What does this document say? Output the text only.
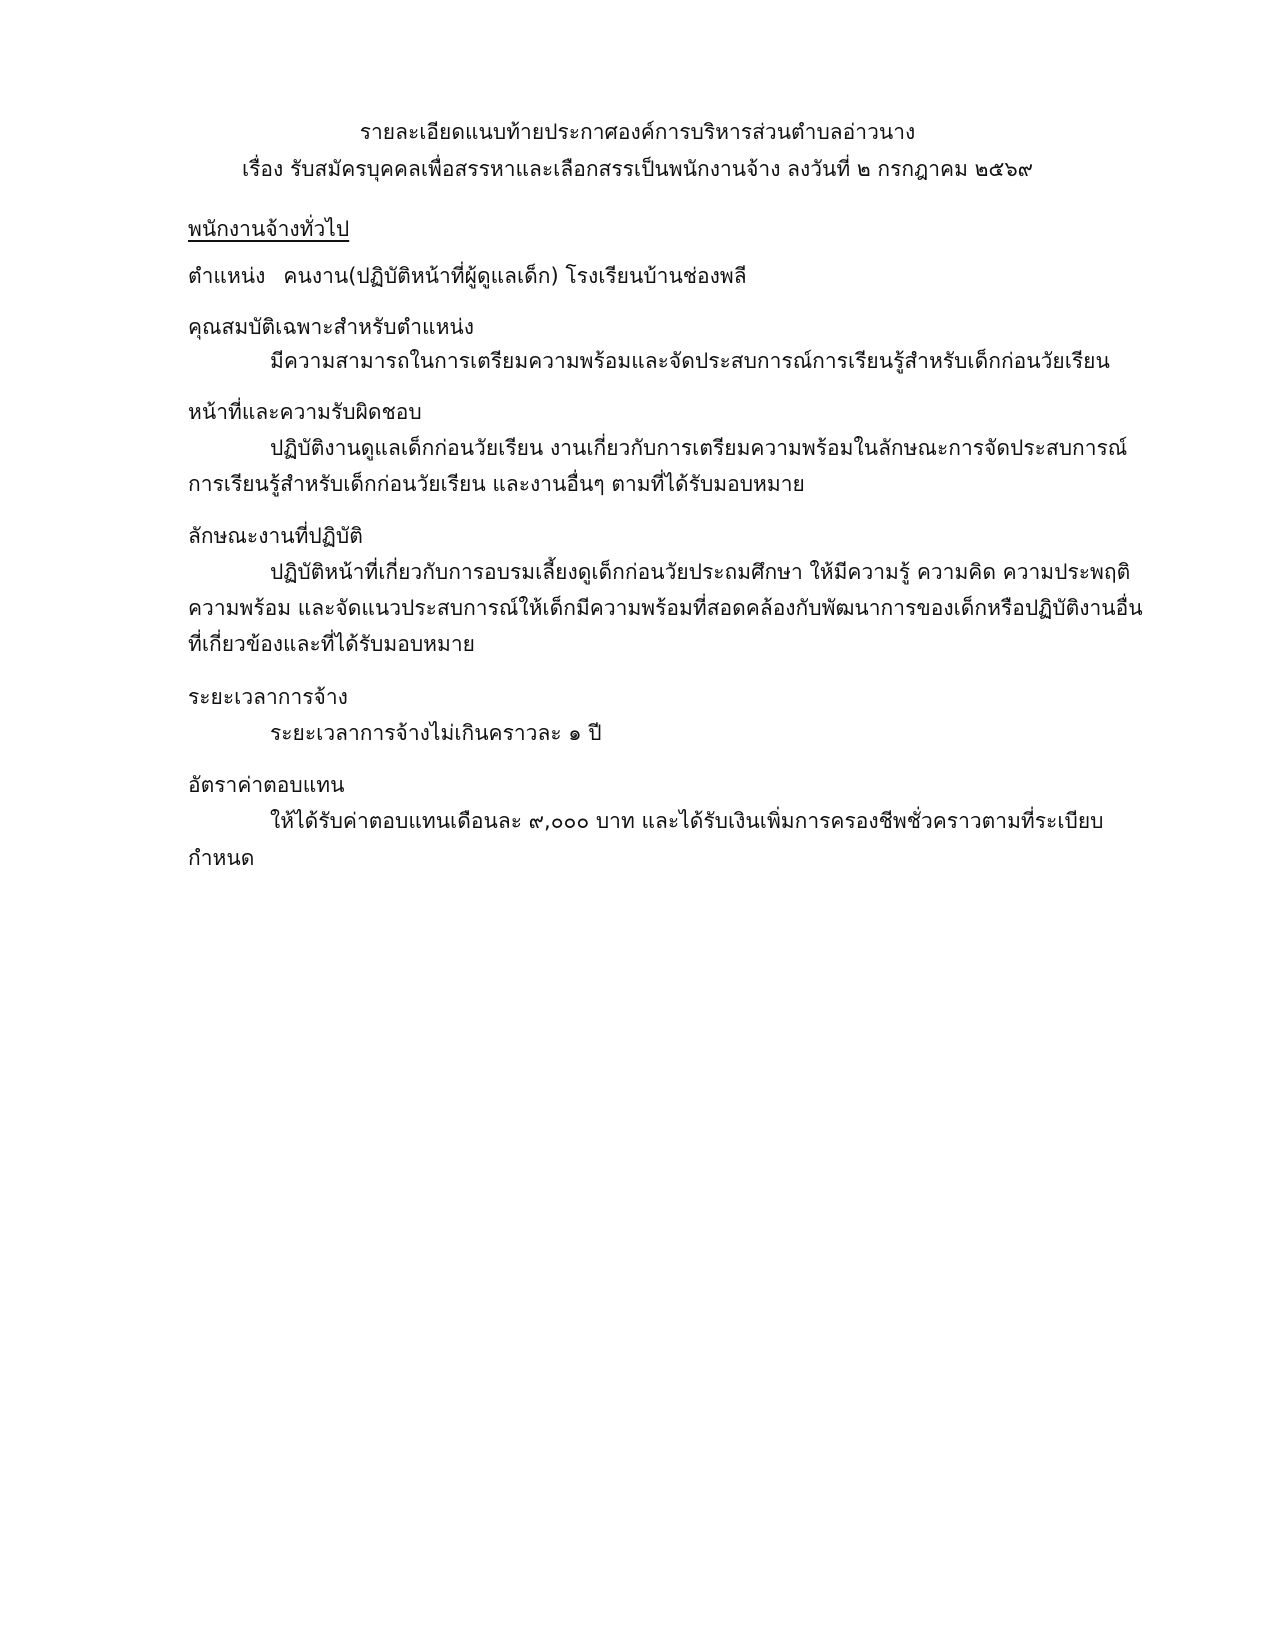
รายละเอียดแนบท้ายประกาศองค์การบริหารส่วนตำบลอ่าวนาง
เรื่อง รับสมัครบุคคลเพื่อสรรหาและเลือกสรรเป็นพนักงานจ้าง ลงวันที่ ๒ กรกฎาคม ๒๕๖๙
พนักงานจ้างทั่วไป
ตำแหน่ง คนงาน(ปฏิบัติหน้าที่ผู้ดูแลเด็ก) โรงเรียนบ้านช่องพลี
คุณสมบัติเฉพาะสำหรับตำแหน่ง
มีความสามารถในการเตรียมความพร้อมและจัดประสบการณ์การเรียนรู้สำหรับเด็กก่อนวัยเรียน
หน้าที่และความรับผิดชอบ
ปฏิบัติงานดูแลเด็กก่อนวัยเรียน งานเกี่ยวกับการเตรียมความพร้อมในลักษณะการจัดประสบการณ์
การเรียนรู้สำหรับเด็กก่อนวัยเรียน และงานอื่นๆ ตามที่ได้รับมอบหมาย
ลักษณะงานที่ปฏิบัติ
ปฏิบัติหน้าที่เกี่ยวกับการอบรมเลี้ยงดูเด็กก่อนวัยประถมศึกษา ให้มีความรู้ ความคิด ความประพฤติ
ความพร้อม และจัดแนวประสบการณ์ให้เด็กมีความพร้อมที่สอดคล้องกับพัฒนาการของเด็กหรือปฏิบัติงานอื่น
ที่เกี่ยวข้องและที่ได้รับมอบหมาย
ระยะเวลาการจ้าง
ระยะเวลาการจ้างไม่เกินคราวละ ๑ ปี
อัตราค่าตอบแทน
ให้ได้รับค่าตอบแทนเดือนละ ๙,๐๐๐ บาท และได้รับเงินเพิ่มการครองชีพชั่วคราวตามที่ระเบียบ
กำหนด
